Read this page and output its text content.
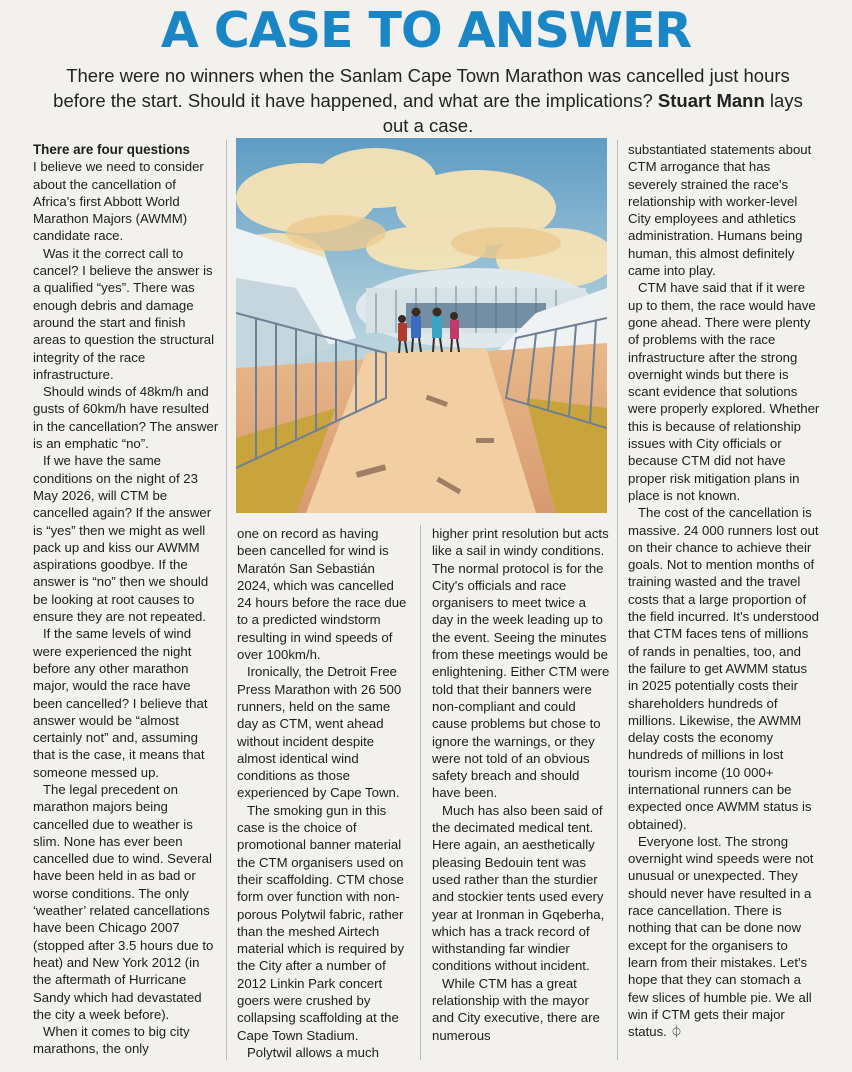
A CASE TO ANSWER
There were no winners when the Sanlam Cape Town Marathon was cancelled just hours before the start. Should it have happened, and what are the implications? Stuart Mann lays out a case.
There are four questions

I believe we need to consider about the cancellation of Africa's first Abbott World Marathon Majors (AWMM) candidate race.

Was it the correct call to cancel? I believe the answer is a qualified “yes”. There was enough debris and damage around the start and finish areas to question the structural integrity of the race infrastructure.

Should winds of 48km/h and gusts of 60km/h have resulted in the cancellation? The answer is an emphatic “no”.

If we have the same conditions on the night of 23 May 2026, will CTM be cancelled again? If the answer is “yes” then we might as well pack up and kiss our AWMM aspirations goodbye. If the answer is “no” then we should be looking at root causes to ensure they are not repeated.

If the same levels of wind were experienced the night before any other marathon major, would the race have been cancelled? I believe that answer would be “almost certainly not” and, assuming that is the case, it means that someone messed up.

The legal precedent on marathon majors being cancelled due to weather is slim. None has ever been cancelled due to wind. Several have been held in as bad or worse conditions. The only ‘weather’ related cancellations have been Chicago 2007 (stopped after 3.5 hours due to heat) and New York 2012 (in the aftermath of Hurricane Sandy which had devastated the city a week before).

When it comes to big city marathons, the only

one on record as having been cancelled for wind is Maratón San Sebastián 2024, which was cancelled 24 hours before the race due to a predicted windstorm resulting in wind speeds of over 100km/h.

Ironically, the Detroit Free Press Marathon with 26 500 runners, held on the same day as CTM, went ahead without incident despite almost identical wind conditions as those experienced by Cape Town.

The smoking gun in this case is the choice of promotional banner material the CTM organisers used on their scaffolding. CTM chose form over function with non-porous Polytwil fabric, rather than the meshed Airtech material which is required by the City after a number of 2012 Linkin Park concert goers were crushed by collapsing scaffolding at the Cape Town Stadium.

Polytwil allows a much

higher print resolution but acts like a sail in windy conditions. The normal protocol is for the City's officials and race organisers to meet twice a day in the week leading up to the event. Seeing the minutes from these meetings would be enlightening. Either CTM were told that their banners were non-compliant and could cause problems but chose to ignore the warnings, or they were not told of an obvious safety breach and should have been.

Much has also been said of the decimated medical tent. Here again, an aesthetically pleasing Bedouin tent was used rather than the sturdier and stockier tents used every year at Ironman in Gqeberha, which has a track record of withstanding far windier conditions without incident.

While CTM has a great relationship with the mayor and City executive, there are numerous

substantiated statements about CTM arrogance that has severely strained the race's relationship with worker-level City employees and athletics administration. Humans being human, this almost definitely came into play.

CTM have said that if it were up to them, the race would have gone ahead. There were plenty of problems with the race infrastructure after the strong overnight winds but there is scant evidence that solutions were properly explored. Whether this is because of relationship issues with City officials or because CTM did not have proper risk mitigation plans in place is not known.

The cost of the cancellation is massive. 24 000 runners lost out on their chance to achieve their goals. Not to mention months of training wasted and the travel costs that a large proportion of the field incurred. It's understood that CTM faces tens of millions of rands in penalties, too, and the failure to get AWMM status in 2025 potentially costs their shareholders hundreds of millions. Likewise, the AWMM delay costs the economy hundreds of millions in lost tourism income (10 000+ international runners can be expected once AWMM status is obtained).

Everyone lost. The strong overnight wind speeds were not unusual or unexpected. They should never have resulted in a race cancellation. There is nothing that can be done now except for the organisers to learn from their mistakes. Let's hope that they can stomach a few slices of humble pie. We all win if CTM gets their major status. ⏀
